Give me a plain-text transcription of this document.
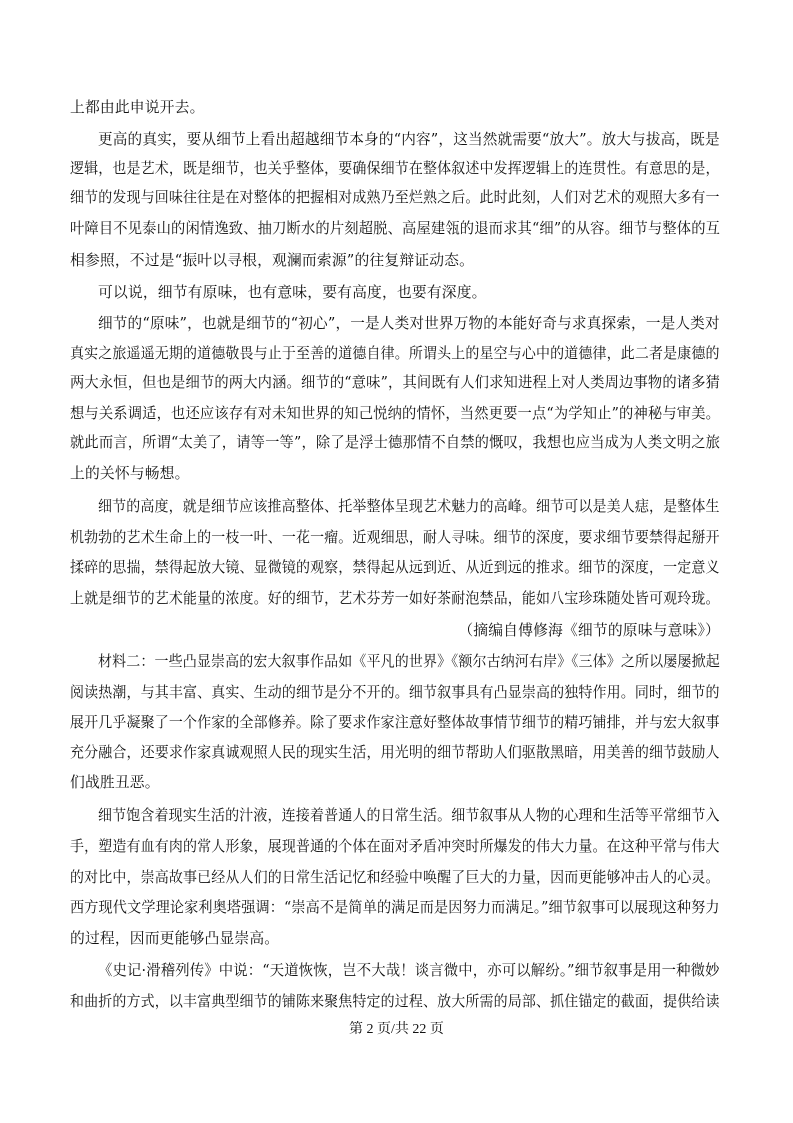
上都由此申说开去。
更高的真实，要从细节上看出超越细节本身的“内容”，这当然就需要“放大”。放大与拔高，既是
逻辑，也是艺术，既是细节，也关乎整体，要确保细节在整体叙述中发挥逻辑上的连贯性。有意思的是，
细节的发现与回味往往是在对整体的把握相对成熟乃至烂熟之后。此时此刻，人们对艺术的观照大多有一
叶障目不见泰山的闲情逸致、抽刀断水的片刻超脱、高屋建瓴的退而求其“细”的从容。细节与整体的互
相参照，不过是“振叶以寻根，观澜而索源”的往复辩证动态。
可以说，细节有原味，也有意味，要有高度，也要有深度。
细节的“原味”，也就是细节的“初心”，一是人类对世界万物的本能好奇与求真探索，一是人类对
真实之旅遥遥无期的道德敬畏与止于至善的道德自律。所谓头上的星空与心中的道德律，此二者是康德的
两大永恒，但也是细节的两大内涵。细节的“意味”，其间既有人们求知进程上对人类周边事物的诸多猜
想与关系调适，也还应该存有对未知世界的知己悦纳的情怀，当然更要一点“为学知止”的神秘与审美。
就此而言，所谓“太美了，请等一等”，除了是浮士德那情不自禁的慨叹，我想也应当成为人类文明之旅
上的关怀与畅想。
细节的高度，就是细节应该推高整体、托举整体呈现艺术魅力的高峰。细节可以是美人痣，是整体生
机勃勃的艺术生命上的一枝一叶、一花一瘤。近观细思，耐人寻味。细节的深度，要求细节要禁得起掰开
揉碎的思揣，禁得起放大镜、显微镜的观察，禁得起从远到近、从近到远的推求。细节的深度，一定意义
上就是细节的艺术能量的浓度。好的细节，艺术芬芳一如好茶耐泡禁品，能如八宝珍珠随处皆可观玲珑。
（摘编自傅修海《细节的原味与意味》）
材料二：一些凸显崇高的宏大叙事作品如《平凡的世界》《额尔古纳河右岸》《三体》之所以屡屡掀起
阅读热潮，与其丰富、真实、生动的细节是分不开的。细节叙事具有凸显崇高的独特作用。同时，细节的
展开几乎凝聚了一个作家的全部修养。除了要求作家注意好整体故事情节细节的精巧铺排，并与宏大叙事
充分融合，还要求作家真诚观照人民的现实生活，用光明的细节帮助人们驱散黑暗，用美善的细节鼓励人
们战胜丑恶。
细节饱含着现实生活的汁液，连接着普通人的日常生活。细节叙事从人物的心理和生活等平常细节入
手，塑造有血有肉的常人形象，展现普通的个体在面对矛盾冲突时所爆发的伟大力量。在这种平常与伟大
的对比中，崇高故事已经从人们的日常生活记忆和经验中唤醒了巨大的力量，因而更能够冲击人的心灵。
西方现代文学理论家利奥塔强调：“崇高不是简单的满足而是因努力而满足。”细节叙事可以展现这种努力
的过程，因而更能够凸显崇高。
《史记·滑稽列传》中说：“天道恢恢，岂不大哉！谈言微中，亦可以解纷。”细节叙事是用一种微妙
和曲折的方式，以丰富典型细节的铺陈来聚焦特定的过程、放大所需的局部、抓住锚定的截面，提供给读
第 2 页/共 22 页
